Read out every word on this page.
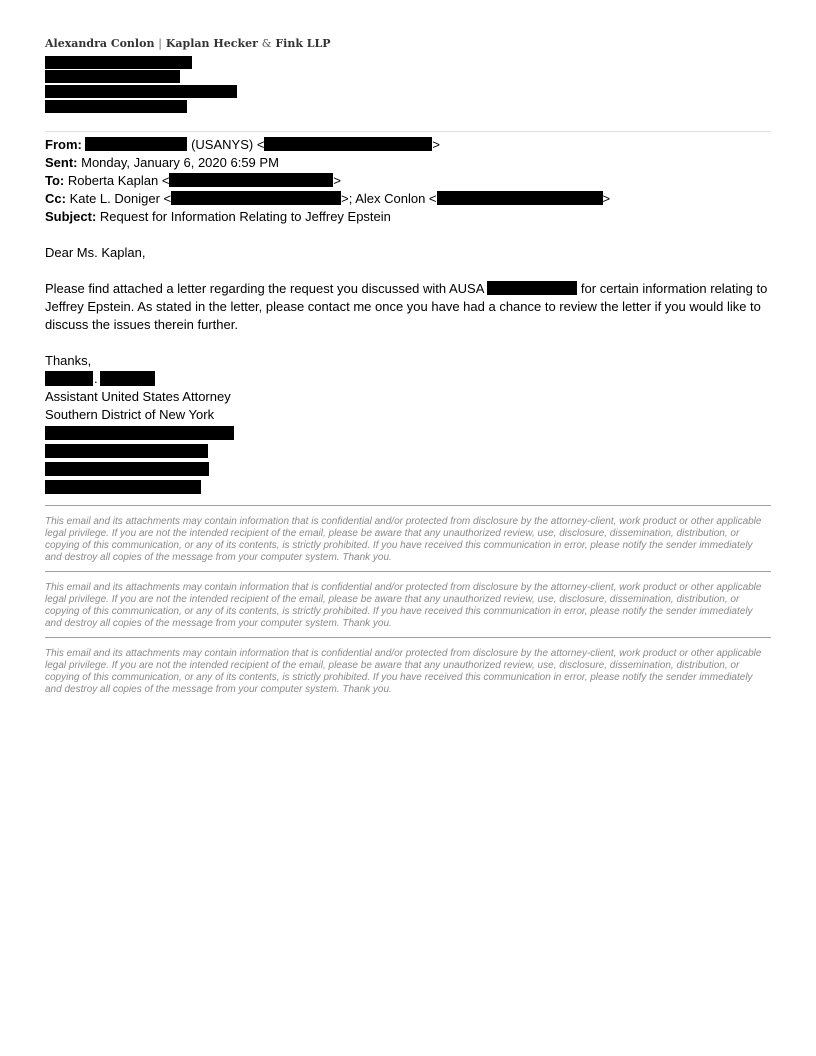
Alexandra Conlon | Kaplan Hecker & Fink LLP
From:	(USANYS) <	>
Sent: Monday, January 6, 2020 6:59 PM
To: Roberta Kaplan <	>
Cc: Kate L. Doniger <	>; Alex Conlon <	>
Subject: Request for Information Relating to Jeffrey Epstein
Dear Ms. Kaplan,
Please find attached a letter regarding the request you discussed with AUSA	for certain information relating to Jeffrey Epstein. As stated in the letter, please contact me once you have had a chance to review the letter if you would like to discuss the issues therein further.
Thanks,
.
Assistant United States Attorney
Southern District of New York
This email and its attachments may contain information that is confidential and/or protected from disclosure by the attorney-client, work product or other applicable legal privilege. If you are not the intended recipient of the email, please be aware that any unauthorized review, use, disclosure, dissemination, distribution, or copying of this communication, or any of its contents, is strictly prohibited. If you have received this communication in error, please notify the sender immediately and destroy all copies of the message from your computer system. Thank you.
This email and its attachments may contain information that is confidential and/or protected from disclosure by the attorney-client, work product or other applicable legal privilege. If you are not the intended recipient of the email, please be aware that any unauthorized review, use, disclosure, dissemination, distribution, or copying of this communication, or any of its contents, is strictly prohibited. If you have received this communication in error, please notify the sender immediately and destroy all copies of the message from your computer system. Thank you.
This email and its attachments may contain information that is confidential and/or protected from disclosure by the attorney-client, work product or other applicable legal privilege. If you are not the intended recipient of the email, please be aware that any unauthorized review, use, disclosure, dissemination, distribution, or copying of this communication, or any of its contents, is strictly prohibited. If you have received this communication in error, please notify the sender immediately and destroy all copies of the message from your computer system. Thank you.
